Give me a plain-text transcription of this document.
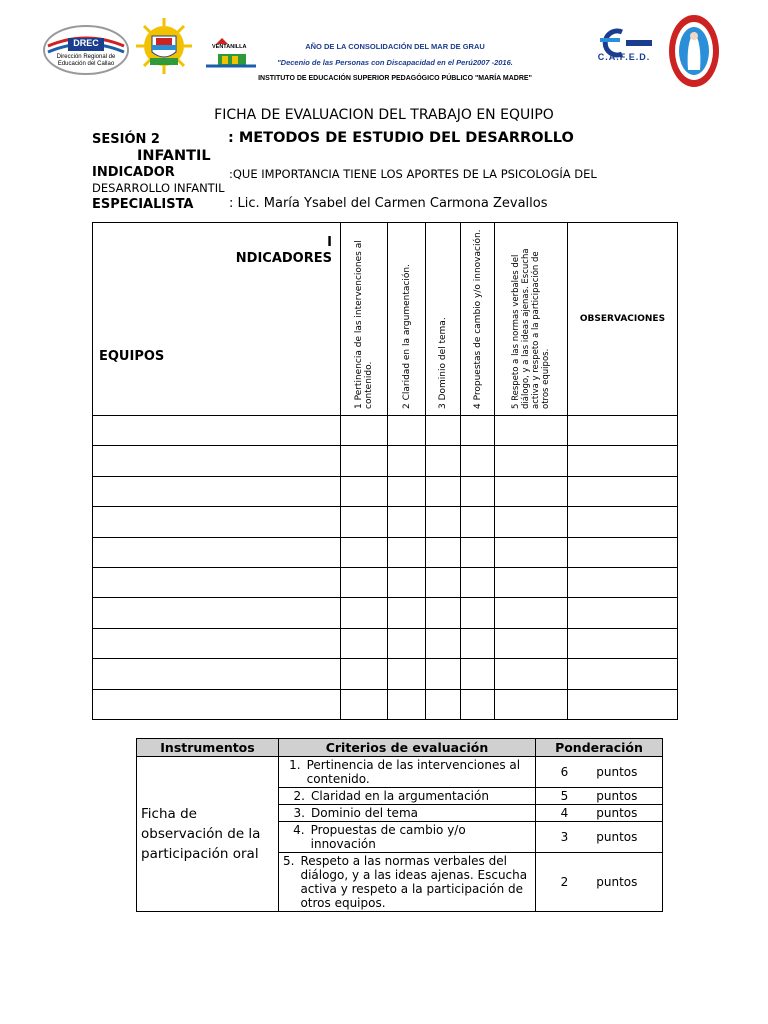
DREC
Dirección Regional de
Educación del Callao
VENTANILLA
C.A.F.E.D.
AÑO DE LA CONSOLIDACIÓN DEL MAR DE GRAU
"Decenio de las Personas con Discapacidad en el Perú2007 -2016.
INSTITUTO DE EDUCACIÓN SUPERIOR PEDAGÓGICO PÚBLICO "MARÍA MADRE"
FICHA DE EVALUACION DEL TRABAJO EN EQUIPO
SESIÓN 2	: METODOS DE ESTUDIO DEL DESARROLLO
INFANTIL
INDICADOR	:QUE IMPORTANCIA TIENE LOS APORTES DE LA PSICOLOGÍA DEL
DESARROLLO INFANTIL
ESPECIALISTA	: Lic. María Ysabel del Carmen Carmona Zevallos
I
NDICADORES
EQUIPOS	1 Pertinencia de las intervenciones al contenido.	2 Claridad en la argumentación.	3 Dominio del tema.	4 Propuestas de cambio y/o innovación.	5 Respeto a las normas verbales del diálogo, y a las ideas ajenas. Escucha activa y respeto a la participación de otros equipos.	OBSERVACIONES

Instrumentos	Criterios de evaluación	Ponderación
Ficha de observación de la participación oral	1. Pertinencia de las intervenciones al contenido.	6 puntos

	2. Claridad en la argumentación	5 puntos

	3. Dominio del tema	4 puntos

	4. Propuestas de cambio y/o innovación	3 puntos

	5. Respeto a las normas verbales del diálogo, y a las ideas ajenas. Escucha activa y respeto a la participación de otros equipos.	2 puntos
